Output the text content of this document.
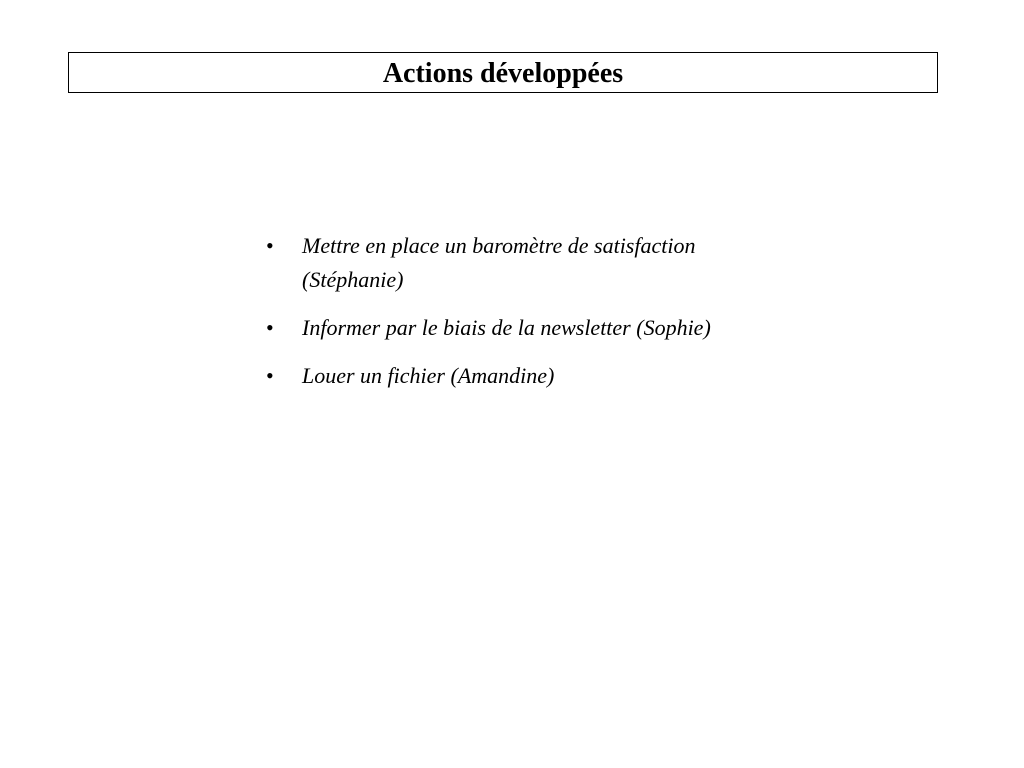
Actions développées
•	Mettre en place un baromètre de satisfaction
(Stéphanie)
•	Informer par le biais de la newsletter (Sophie)
•	Louer un fichier (Amandine)
